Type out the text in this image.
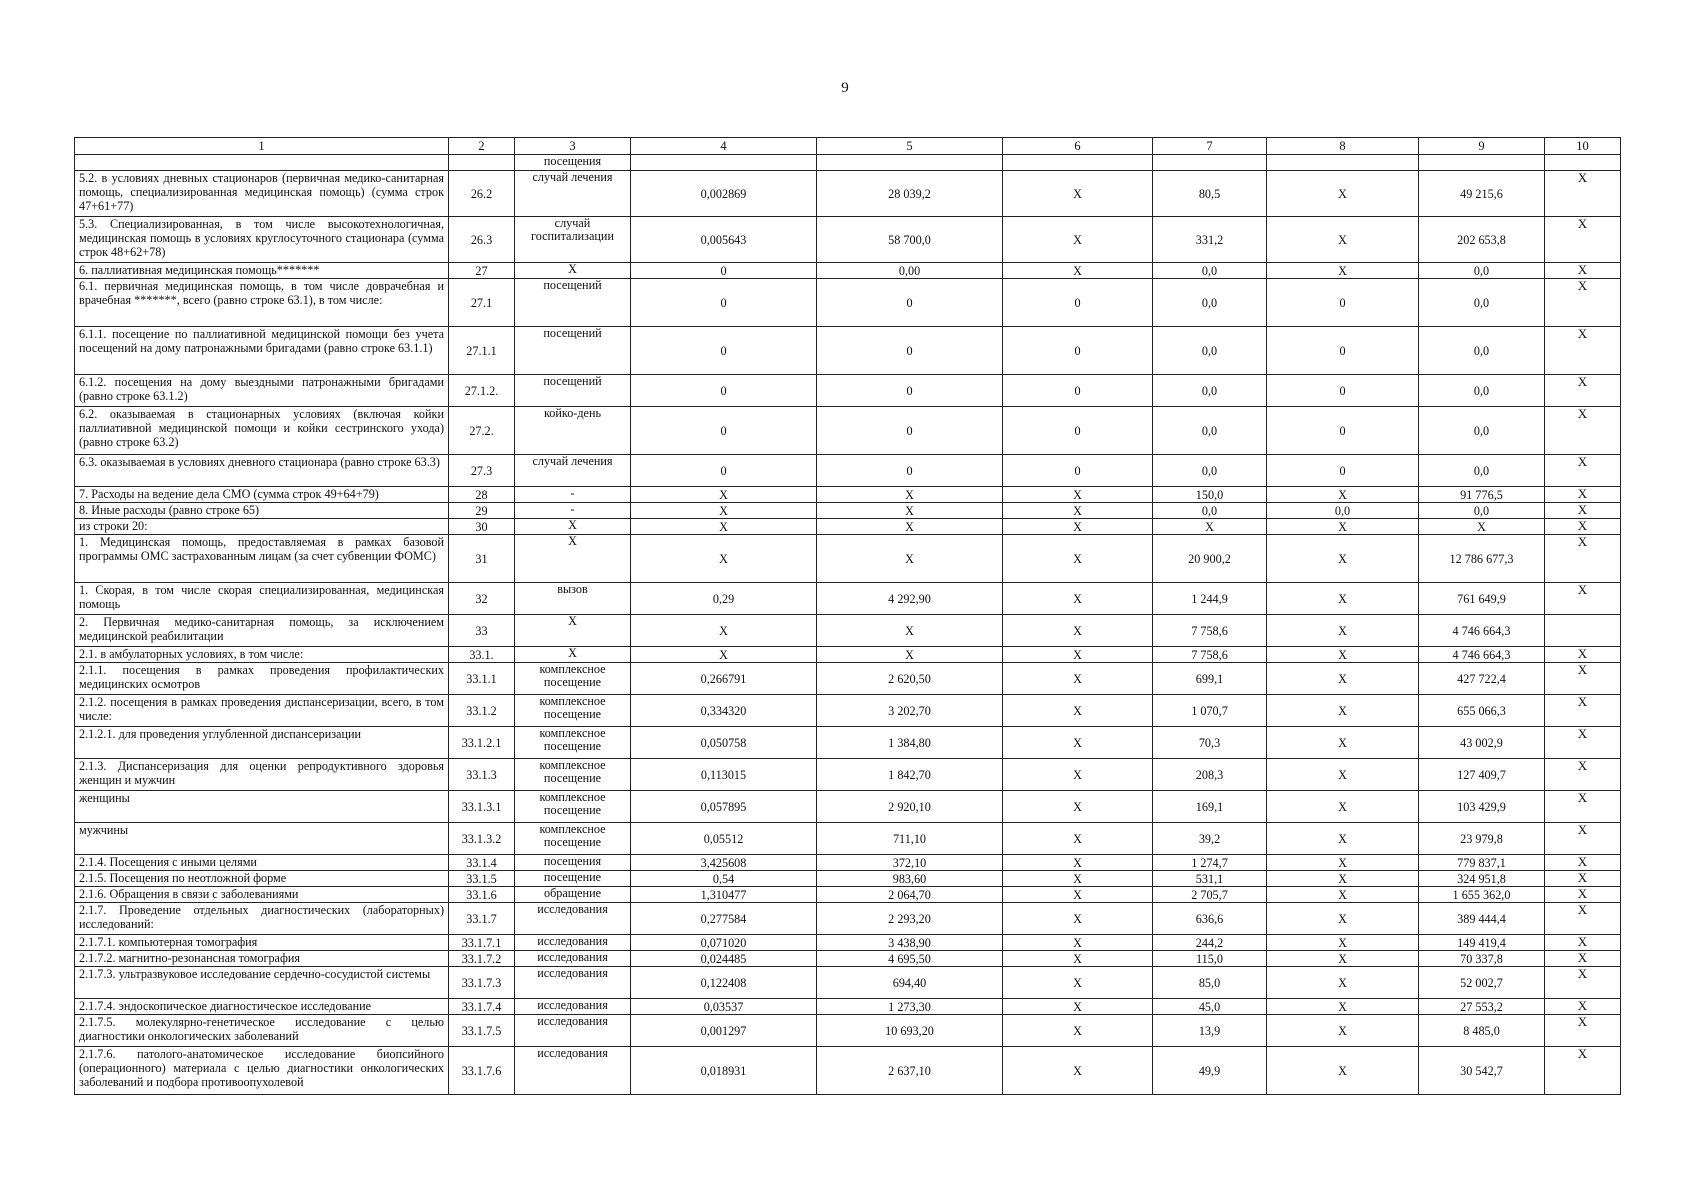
9
1	2	3	4	5	6	7	8	9	10
		посещения							
5.2. в условиях дневных стационаров (первичная медико-санитарная помощь, специализированная медицинская помощь) (сумма строк 47+61+77)	26.2	случай лечения	0,002869	28 039,2	X	80,5	X	49 215,6	X
5.3. Специализированная, в том числе высокотехнологичная, медицинская помощь в условиях круглосуточного стационара (сумма строк 48+62+78)	26.3	случай госпитализации	0,005643	58 700,0	X	331,2	X	202 653,8	X
6. паллиативная медицинская помощь*******	27	X	0	0,00	X	0,0	X	0,0	X
6.1. первичная медицинская помощь, в том числе доврачебная и врачебная *******, всего (равно строке 63.1), в том числе:	27.1	посещений	0	0	0	0,0	0	0,0	X
6.1.1. посещение по паллиативной медицинской помощи без учета посещений на дому патронажными бригадами (равно строке 63.1.1)	27.1.1	посещений	0	0	0	0,0	0	0,0	X
6.1.2. посещения на дому выездными патронажными бригадами (равно строке 63.1.2)	27.1.2.	посещений	0	0	0	0,0	0	0,0	X
6.2. оказываемая в стационарных условиях (включая койки паллиативной медицинской помощи и койки сестринского ухода) (равно строке 63.2)	27.2.	койко-день	0	0	0	0,0	0	0,0	X
6.3. оказываемая в условиях дневного стационара (равно строке 63.3)	27.3	случай лечения	0	0	0	0,0	0	0,0	X
7. Расходы на ведение дела СМО (сумма строк 49+64+79)	28	-	X	X	X	150,0	X	91 776,5	X
8. Иные расходы (равно строке 65)	29	-	X	X	X	0,0	0,0	0,0	X
из строки 20:	30	X	X	X	X	X	X	X	X
1. Медицинская помощь, предоставляемая в рамках базовой программы ОМС застрахованным лицам (за счет субвенции ФОМС)	31	X	X	X	X	20 900,2	X	12 786 677,3	X
1. Скорая, в том числе скорая специализированная, медицинская помощь	32	вызов	0,29	4 292,90	X	1 244,9	X	761 649,9	X
2. Первичная медико-санитарная помощь, за исключением медицинской реабилитации	33	X	X	X	X	7 758,6	X	4 746 664,3	
2.1. в амбулаторных условиях, в том числе:	33.1.	X	X	X	X	7 758,6	X	4 746 664,3	X
2.1.1. посещения в рамках проведения профилактических медицинских осмотров	33.1.1	комплексное посещение	0,266791	2 620,50	X	699,1	X	427 722,4	X
2.1.2. посещения в рамках проведения диспансеризации, всего, в том числе:	33.1.2	комплексное посещение	0,334320	3 202,70	X	1 070,7	X	655 066,3	X
2.1.2.1. для проведения углубленной диспансеризации	33.1.2.1	комплексное посещение	0,050758	1 384,80	X	70,3	X	43 002,9	X
2.1.3. Диспансеризация для оценки репродуктивного здоровья женщин и мужчин	33.1.3	комплексное посещение	0,113015	1 842,70	X	208,3	X	127 409,7	X
женщины	33.1.3.1	комплексное посещение	0,057895	2 920,10	X	169,1	X	103 429,9	X
мужчины	33.1.3.2	комплексное посещение	0,05512	711,10	X	39,2	X	23 979,8	X
2.1.4. Посещения с иными целями	33.1.4	посещения	3,425608	372,10	X	1 274,7	X	779 837,1	X
2.1.5. Посещения по неотложной форме	33.1.5	посещение	0,54	983,60	X	531,1	X	324 951,8	X
2.1.6. Обращения в связи с заболеваниями	33.1.6	обращение	1,310477	2 064,70	X	2 705,7	X	1 655 362,0	X
2.1.7. Проведение отдельных диагностических (лабораторных) исследований:	33.1.7	исследования	0,277584	2 293,20	X	636,6	X	389 444,4	X
2.1.7.1. компьютерная томография	33.1.7.1	исследования	0,071020	3 438,90	X	244,2	X	149 419,4	X
2.1.7.2. магнитно-резонансная томография	33.1.7.2	исследования	0,024485	4 695,50	X	115,0	X	70 337,8	X
2.1.7.3. ультразвуковое исследование сердечно-сосудистой системы	33.1.7.3	исследования	0,122408	694,40	X	85,0	X	52 002,7	X
2.1.7.4. эндоскопическое диагностическое исследование	33.1.7.4	исследования	0,03537	1 273,30	X	45,0	X	27 553,2	X
2.1.7.5. молекулярно-генетическое исследование с целью диагностики онкологических заболеваний	33.1.7.5	исследования	0,001297	10 693,20	X	13,9	X	8 485,0	X
2.1.7.6. патолого-анатомическое исследование биопсийного (операционного) материала с целью диагностики онкологических заболеваний и подбора противоопухолевой	33.1.7.6	исследования	0,018931	2 637,10	X	49,9	X	30 542,7	X
